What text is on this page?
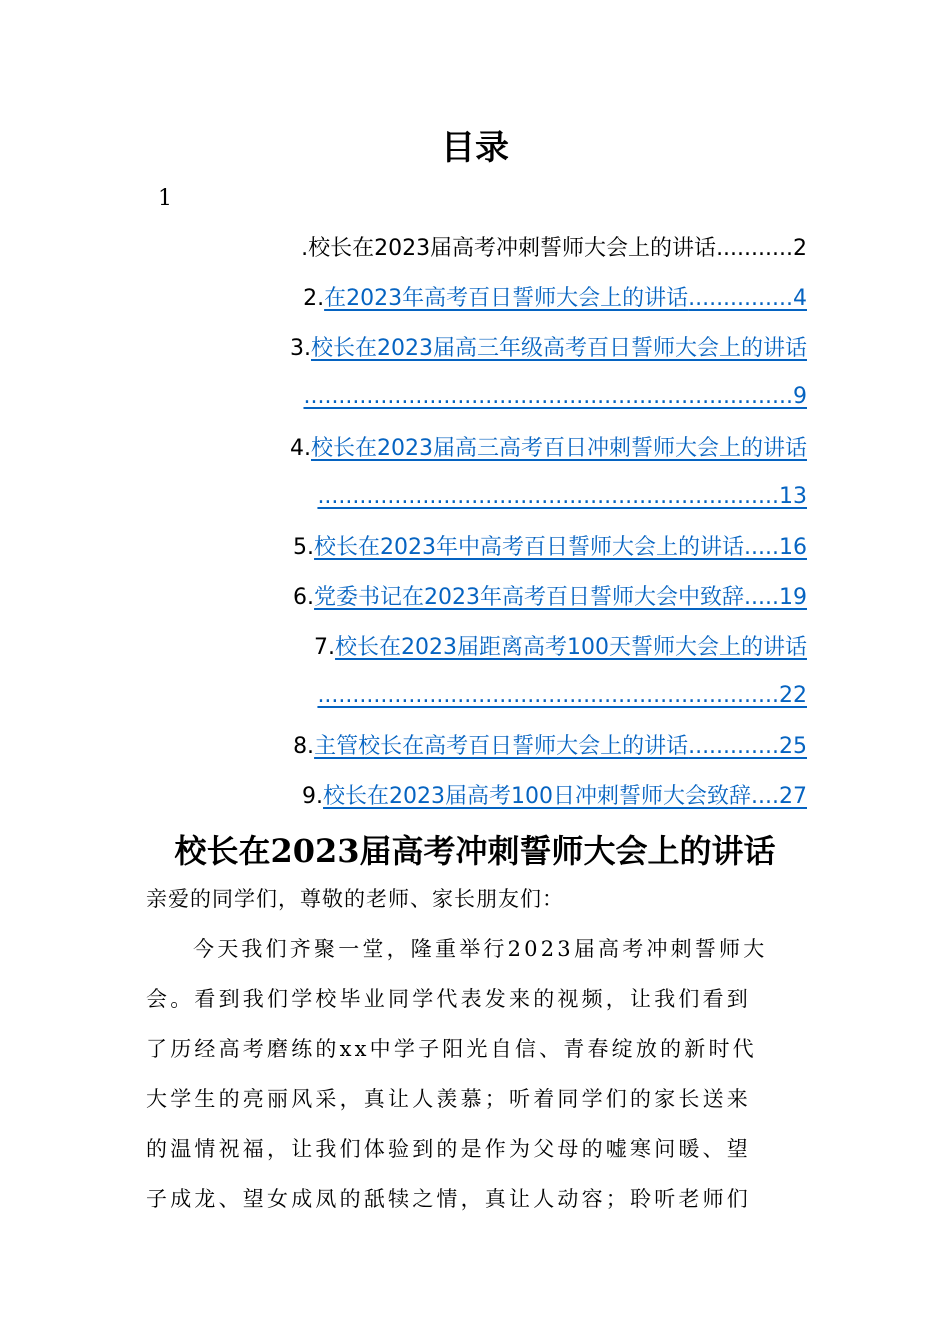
目录
1
.校长在2023届高考冲刺誓师大会上的讲话...........2
2.在2023年高考百日誓师大会上的讲话...............4
3.校长在2023届高三年级高考百日誓师大会上的讲话
......................................................................9
4.校长在2023届高三高考百日冲刺誓师大会上的讲话
..................................................................13
5.校长在2023年中高考百日誓师大会上的讲话.....16
6.党委书记在2023年高考百日誓师大会中致辞.....19
7.校长在2023届距离高考100天誓师大会上的讲话
..................................................................22
8.主管校长在高考百日誓师大会上的讲话.............25
9.校长在2023届高考100日冲刺誓师大会致辞....27
校长在2023届高考冲刺誓师大会上的讲话
亲爱的同学们，尊敬的老师、家长朋友们：
今天我们齐聚一堂，隆重举行2023届高考冲刺誓师大
会。看到我们学校毕业同学代表发来的视频，让我们看到
了历经高考磨练的xx中学子阳光自信、青春绽放的新时代
大学生的亮丽风采，真让人羡慕；听着同学们的家长送来
的温情祝福，让我们体验到的是作为父母的嘘寒问暖、望
子成龙、望女成凤的舐犊之情，真让人动容；聆听老师们
